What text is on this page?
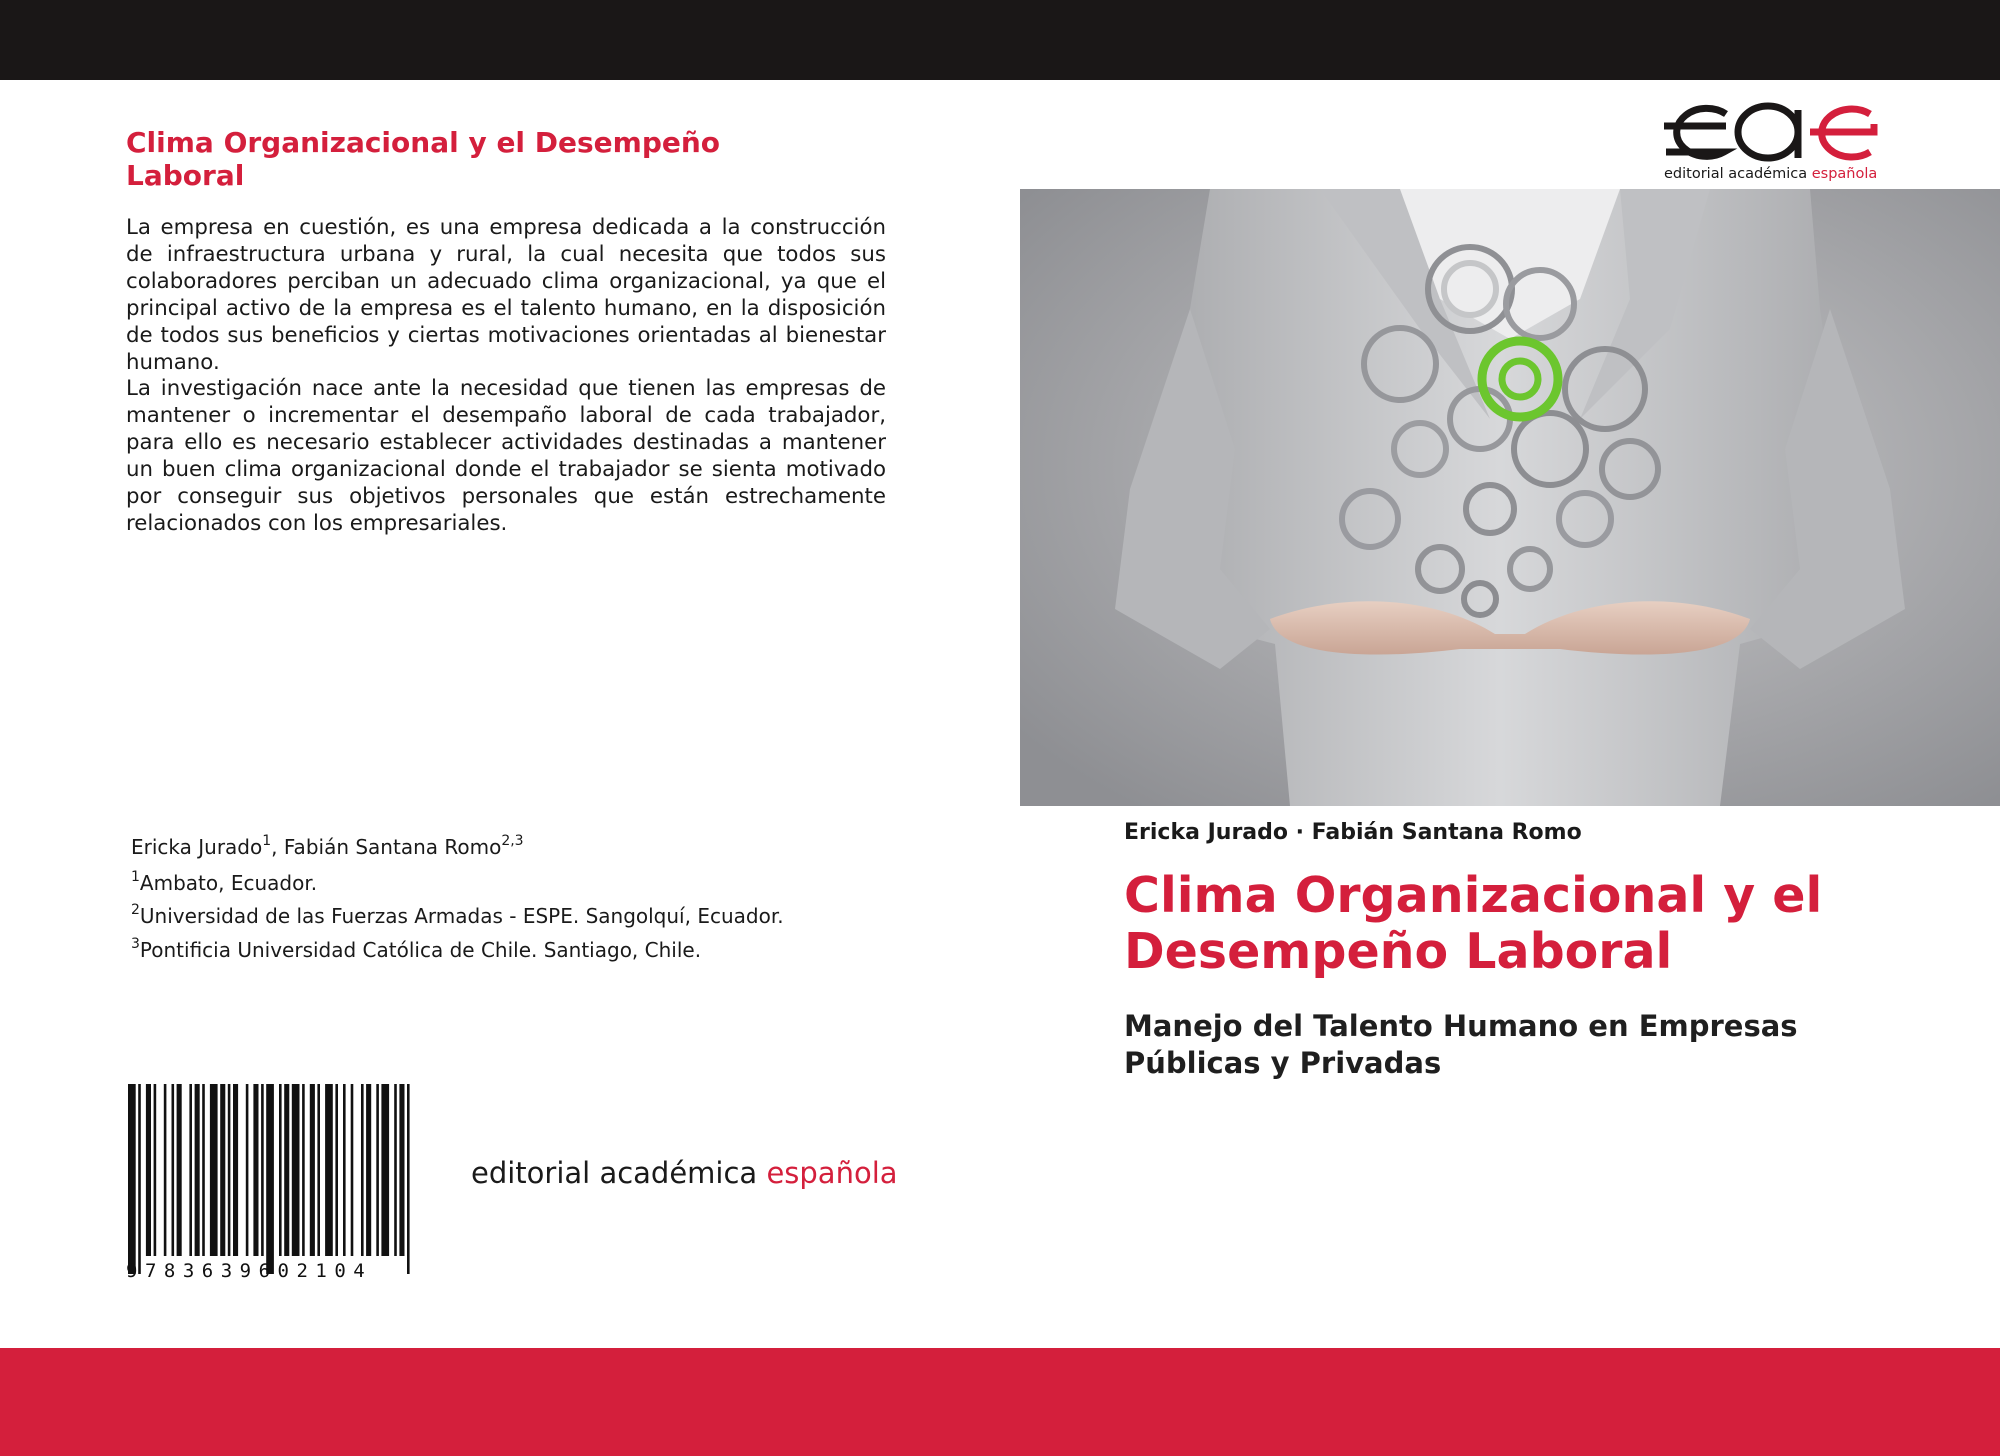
Clima Organizacional y el Desempeño Laboral

La empresa en cuestión, es una empresa dedicada a la construcción de infraestructura urbana y rural, la cual necesita que todos sus colaboradores perciban un adecuado clima organizacional, ya que el principal activo de la empresa es el talento humano, en la disposición de todos sus beneficios y ciertas motivaciones orientadas al bienestar humano.

La investigación nace ante la necesidad que tienen las empresas de mantener o incrementar el desempaño laboral de cada trabajador, para ello es necesario establecer actividades destinadas a mantener un buen clima organizacional donde el trabajador se sienta motivado por conseguir sus objetivos personales que están estrechamente relacionados con los empresariales.

Ericka Jurado$^1$, Fabián Santana Romo$^{2,3}$
$^1$Ambato, Ecuador.
$^2$Universidad de las Fuerzas Armadas - ESPE. Sangolquí, Ecuador.
$^3$Pontificia Universidad Católica de Chile. Santiago, Chile.
9783639602104
editorial académica española
editorial académica española
Ericka Jurado · Fabián Santana Romo
Clima Organizacional y el Desempeño Laboral
Manejo del Talento Humano en Empresas Públicas y Privadas
